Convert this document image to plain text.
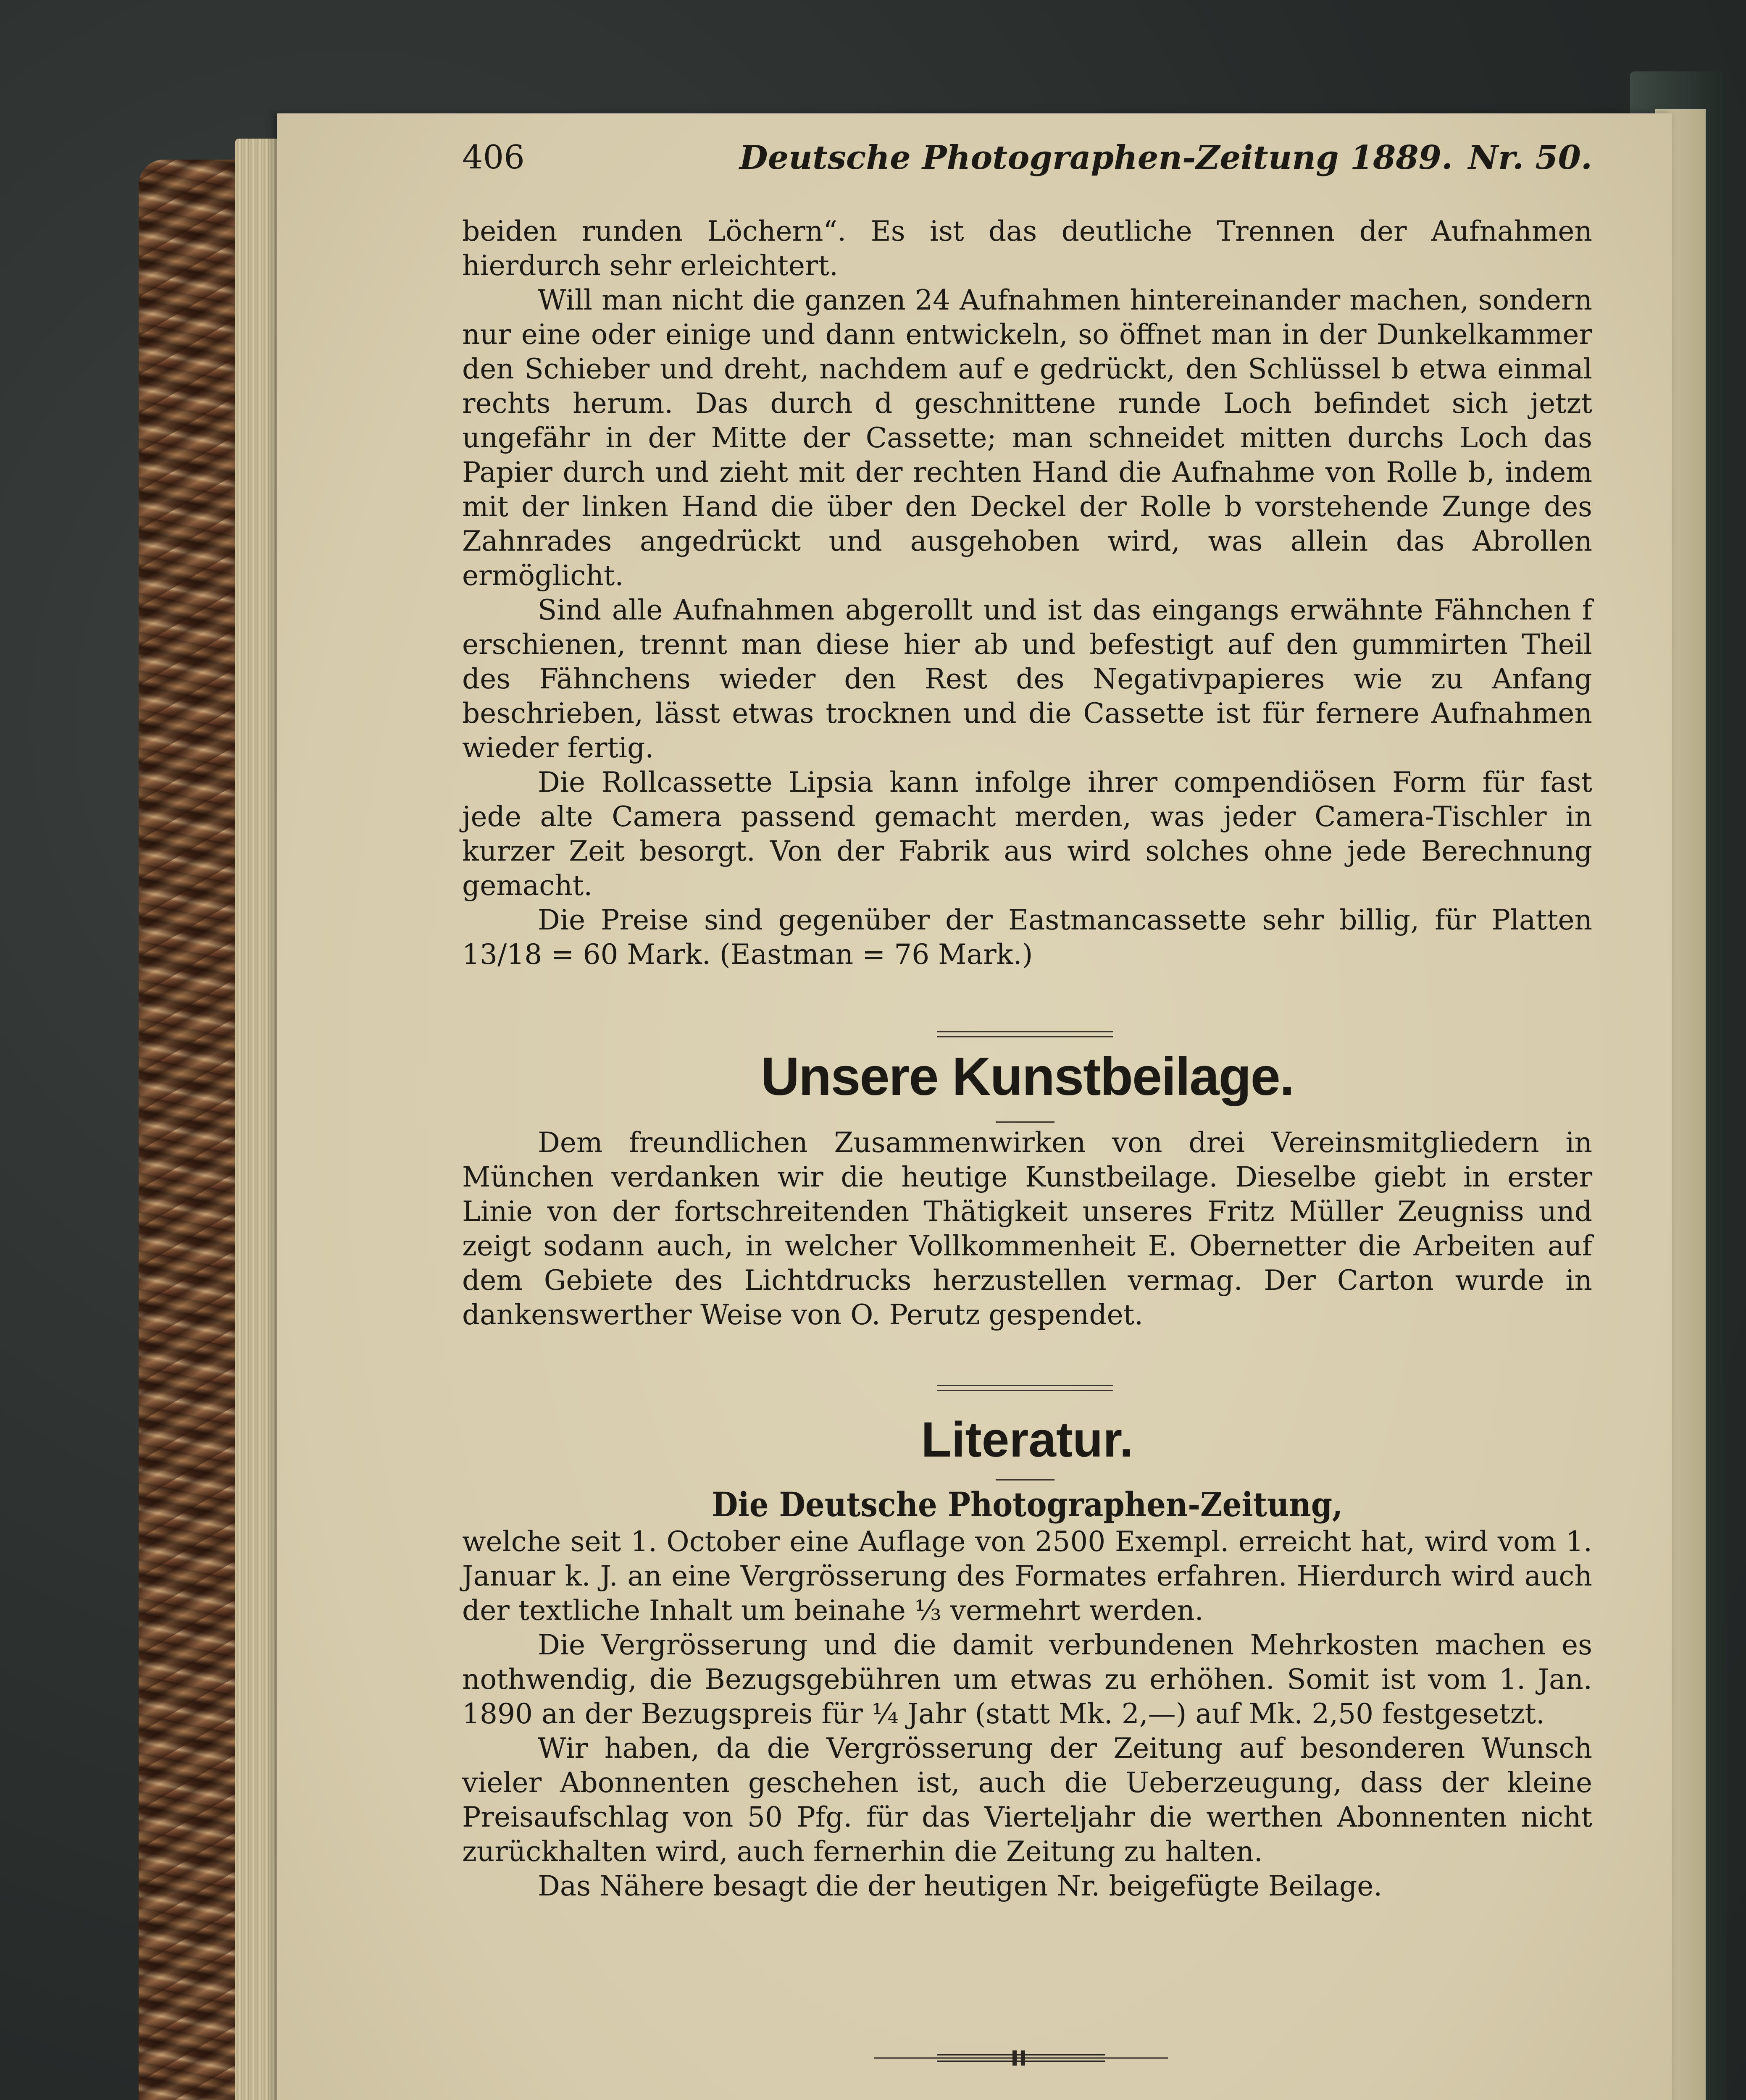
406	Deutsche Photographen-Zeitung 1889. Nr. 50.

beiden runden Löchern“. Es ist das deutliche Trennen der Aufnahmen hierdurch sehr erleichtert.

Will man nicht die ganzen 24 Aufnahmen hintereinander machen, sondern nur eine oder einige und dann entwickeln, so öffnet man in der Dunkelkammer den Schieber und dreht, nachdem auf e gedrückt, den Schlüssel b etwa einmal rechts herum. Das durch d geschnittene runde Loch befindet sich jetzt ungefähr in der Mitte der Cassette; man schneidet mitten durchs Loch das Papier durch und zieht mit der rechten Hand die Aufnahme von Rolle b, indem mit der linken Hand die über den Deckel der Rolle b vorstehende Zunge des Zahnrades angedrückt und ausgehoben wird, was allein das Abrollen ermöglicht.

Sind alle Aufnahmen abgerollt und ist das eingangs erwähnte Fähnchen f erschienen, trennt man diese hier ab und befestigt auf den gummirten Theil des Fähnchens wieder den Rest des Negativpapieres wie zu Anfang beschrieben, lässt etwas trocknen und die Cassette ist für fernere Aufnahmen wieder fertig.

Die Rollcassette Lipsia kann infolge ihrer compendiösen Form für fast jede alte Camera passend gemacht merden, was jeder Camera-Tischler in kurzer Zeit besorgt. Von der Fabrik aus wird solches ohne jede Berechnung gemacht.

Die Preise sind gegenüber der Eastmancassette sehr billig, für Platten 13/18 = 60 Mark. (Eastman = 76 Mark.)

Unsere Kunstbeilage.

Dem freundlichen Zusammenwirken von drei Vereinsmitgliedern in München verdanken wir die heutige Kunstbeilage. Dieselbe giebt in erster Linie von der fortschreitenden Thätigkeit unseres Fritz Müller Zeugniss und zeigt sodann auch, in welcher Vollkommenheit E. Obernetter die Arbeiten auf dem Gebiete des Lichtdrucks herzustellen vermag. Der Carton wurde in dankenswerther Weise von O. Perutz gespendet.

Literatur.
Die Deutsche Photographen-Zeitung,

welche seit 1. October eine Auflage von 2500 Exempl. erreicht hat, wird vom 1. Januar k. J. an eine Vergrösserung des Formates erfahren. Hierdurch wird auch der textliche Inhalt um beinahe ⅓ vermehrt werden.

Die Vergrösserung und die damit verbundenen Mehrkosten machen es nothwendig, die Bezugsgebühren um etwas zu erhöhen. Somit ist vom 1. Jan. 1890 an der Bezugspreis für ¼ Jahr (statt Mk. 2,—) auf Mk. 2,50 festgesetzt.

Wir haben, da die Vergrösserung der Zeitung auf besonderen Wunsch vieler Abonnenten geschehen ist, auch die Ueberzeugung, dass der kleine Preisaufschlag von 50 Pfg. für das Vierteljahr die werthen Abonnenten nicht zurückhalten wird, auch fernerhin die Zeitung zu halten.

Das Nähere besagt die der heutigen Nr. beigefügte Beilage.
